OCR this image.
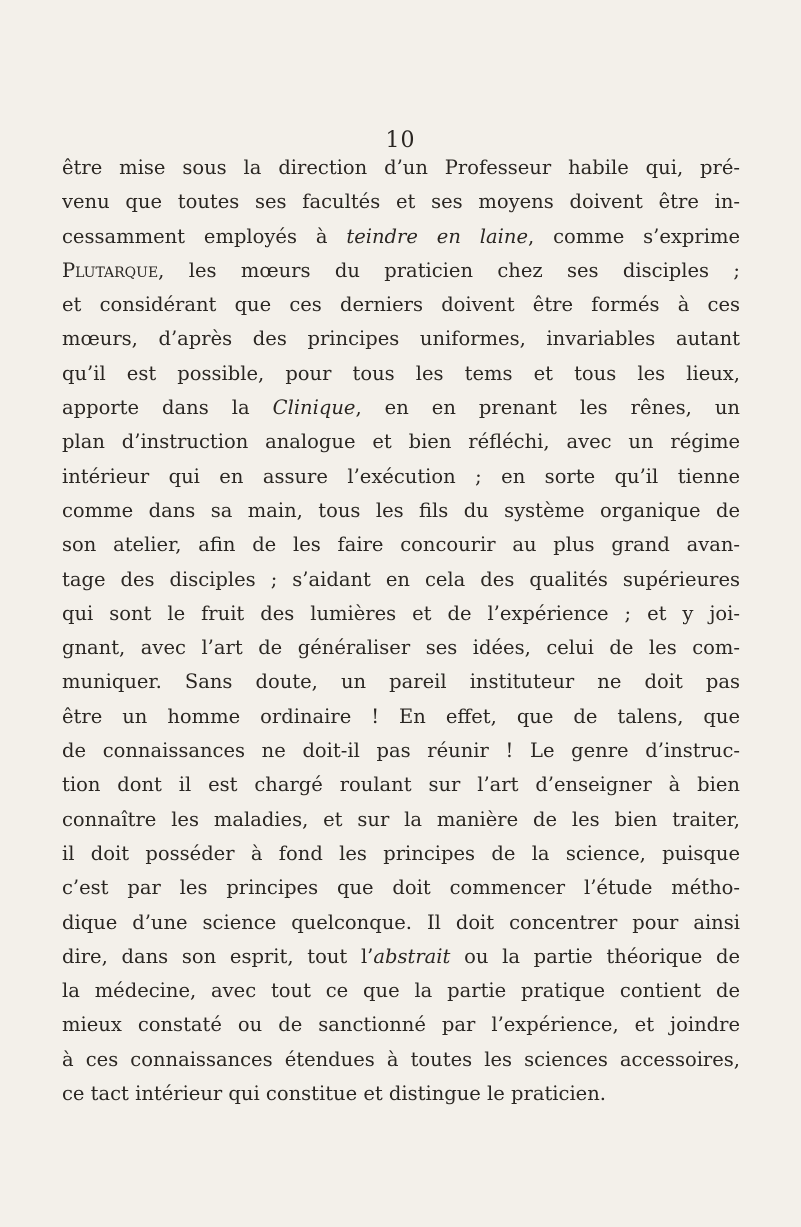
10
être mise sous la direction d’un Professeur habile qui, pré-
venu que toutes ses facultés et ses moyens doivent être in-
cessamment employés à teindre en laine, comme s’exprime
Plutarque, les mœurs du praticien chez ses disciples ;
et considérant que ces derniers doivent être formés à ces
mœurs, d’après des principes uniformes, invariables autant
qu’il est possible, pour tous les tems et tous les lieux,
apporte dans la Clinique, en en prenant les rênes, un
plan d’instruction analogue et bien réfléchi, avec un régime
intérieur qui en assure l’exécution ; en sorte qu’il tienne
comme dans sa main, tous les fils du système organique de
son atelier, afin de les faire concourir au plus grand avan-
tage des disciples ; s’aidant en cela des qualités supérieures
qui sont le fruit des lumières et de l’expérience ; et y joi-
gnant, avec l’art de généraliser ses idées, celui de les com-
muniquer. Sans doute, un pareil instituteur ne doit pas
être un homme ordinaire ! En effet, que de talens, que
de connaissances ne doit-il pas réunir ! Le genre d’instruc-
tion dont il est chargé roulant sur l’art d’enseigner à bien
connaître les maladies, et sur la manière de les bien traiter,
il doit posséder à fond les principes de la science, puisque
c’est par les principes que doit commencer l’étude métho-
dique d’une science quelconque. Il doit concentrer pour ainsi
dire, dans son esprit, tout l’abstrait ou la partie théorique de
la médecine, avec tout ce que la partie pratique contient de
mieux constaté ou de sanctionné par l’expérience, et joindre
à ces connaissances étendues à toutes les sciences accessoires,
ce tact intérieur qui constitue et distingue le praticien.
